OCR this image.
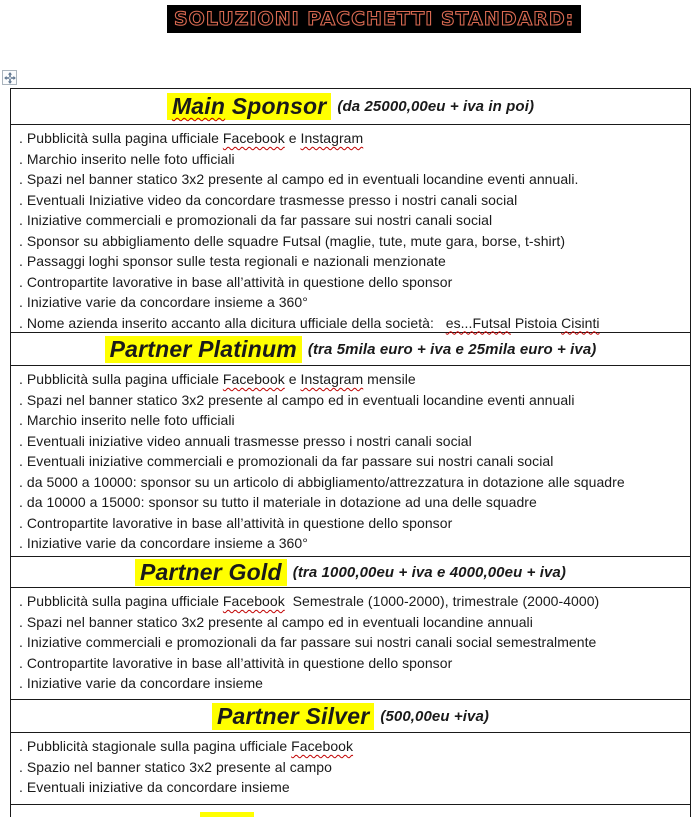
SOLUZIONI PACCHETTI STANDARD:
Main Sponsor (da 25000,00eu + iva in poi)
. Pubblicità sulla pagina ufficiale Facebook e Instagram
. Marchio inserito nelle foto ufficiali
. Spazi nel banner statico 3x2 presente al campo ed in eventuali locandine eventi annuali.
. Eventuali Iniziative video da concordare trasmesse presso i nostri canali social
. Iniziative commerciali e promozionali da far passare sui nostri canali social
. Sponsor su abbigliamento delle squadre Futsal (maglie, tute, mute gara, borse, t-shirt)
. Passaggi loghi sponsor sulle testa regionali e nazionali menzionate
. Contropartite lavorative in base all’attività in questione dello sponsor
. Iniziative varie da concordare insieme a 360°
. Nome azienda inserito accanto alla dicitura ufficiale della società:   es...Futsal Pistoia Cisinti
Partner Platinum (tra 5mila euro + iva e 25mila euro + iva)
. Pubblicità sulla pagina ufficiale Facebook e Instagram mensile
. Spazi nel banner statico 3x2 presente al campo ed in eventuali locandine eventi annuali
. Marchio inserito nelle foto ufficiali
. Eventuali iniziative video annuali trasmesse presso i nostri canali social
. Eventuali iniziative commerciali e promozionali da far passare sui nostri canali social
. da 5000 a 10000: sponsor su un articolo di abbigliamento/attrezzatura in dotazione alle squadre
. da 10000 a 15000: sponsor su tutto il materiale in dotazione ad una delle squadre
. Contropartite lavorative in base all’attività in questione dello sponsor
. Iniziative varie da concordare insieme a 360°
Partner Gold (tra 1000,00eu + iva e 4000,00eu + iva)
. Pubblicità sulla pagina ufficiale Facebook  Semestrale (1000-2000), trimestrale (2000-4000)
. Spazi nel banner statico 3x2 presente al campo ed in eventuali locandine annuali
. Iniziative commerciali e promozionali da far passare sui nostri canali social semestralmente
. Contropartite lavorative in base all’attività in questione dello sponsor
. Iniziative varie da concordare insieme
Partner Silver (500,00eu +iva)
. Pubblicità stagionale sulla pagina ufficiale Facebook
. Spazio nel banner statico 3x2 presente al campo
. Eventuali iniziative da concordare insieme
